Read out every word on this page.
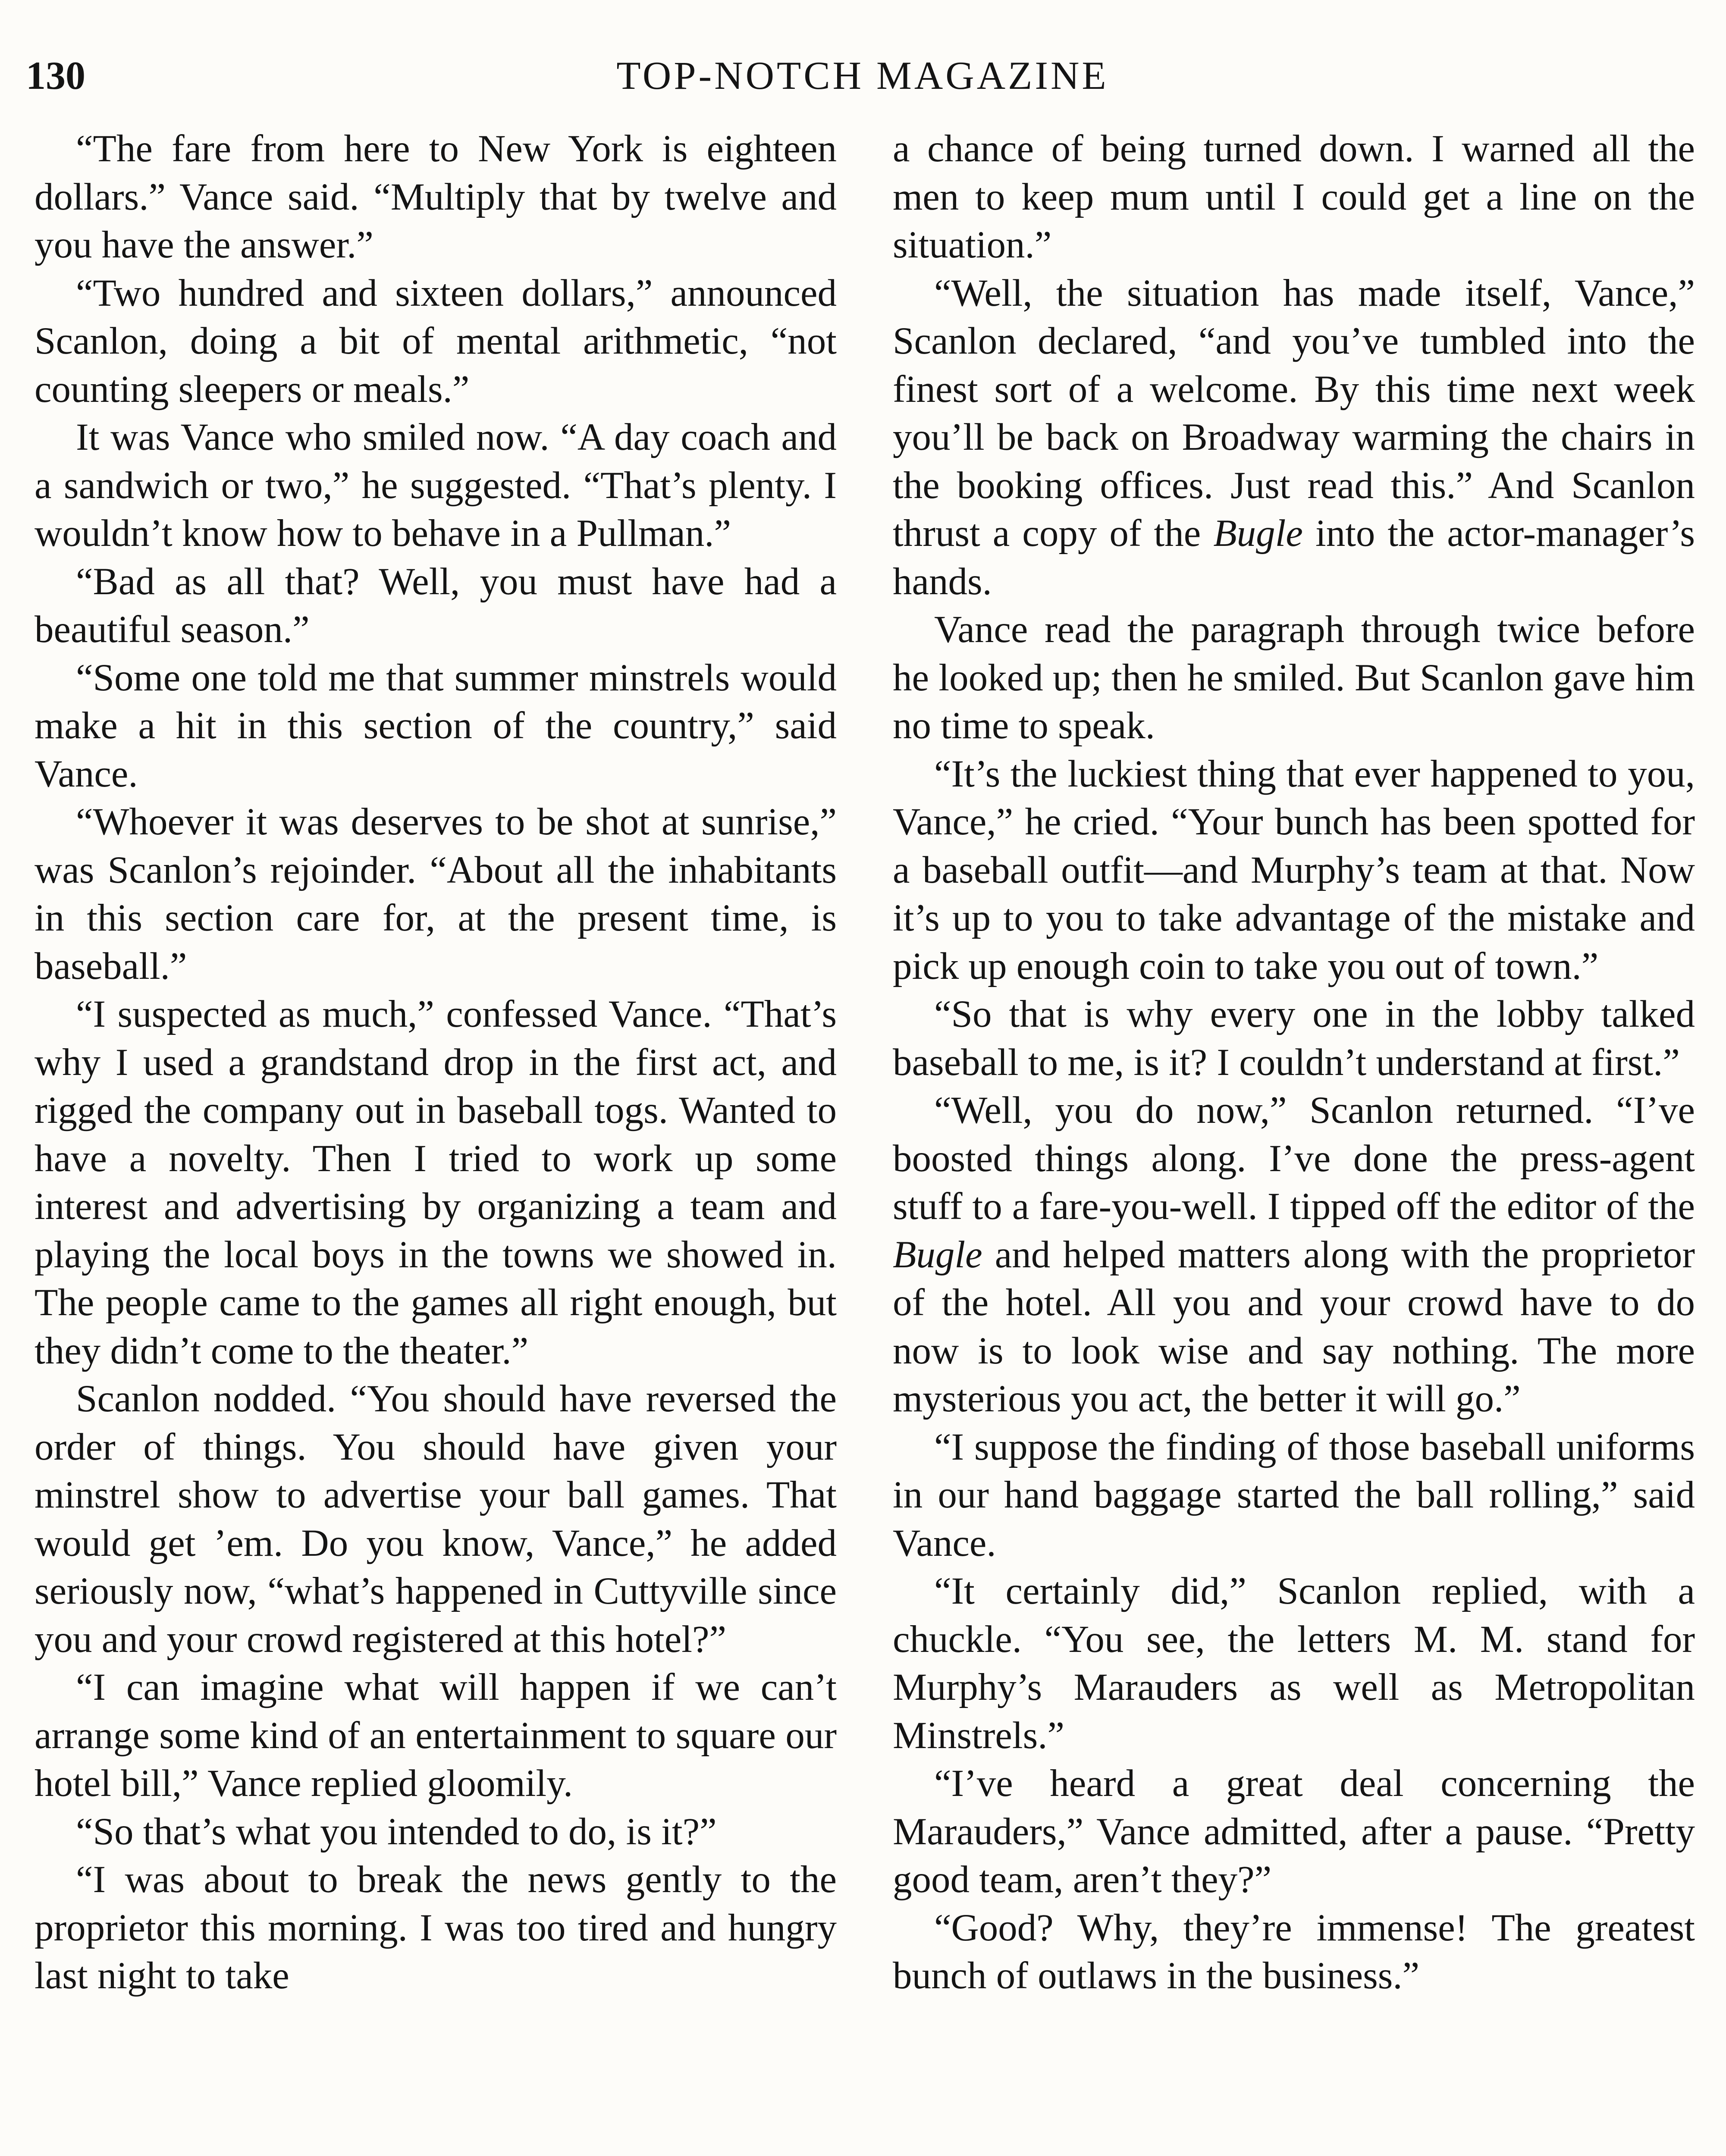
130	TOP-NOTCH MAGAZINE

“The fare from here to New York is eighteen dollars.” Vance said. “Multiply that by twelve and you have the answer.”

“Two hundred and sixteen dollars,” announced Scanlon, doing a bit of mental arithmetic, “not counting sleepers or meals.”

It was Vance who smiled now. “A day coach and a sandwich or two,” he suggested. “That’s plenty. I wouldn’t know how to behave in a Pullman.”

“Bad as all that? Well, you must have had a beautiful season.”

“Some one told me that summer minstrels would make a hit in this section of the country,” said Vance.

“Whoever it was deserves to be shot at sunrise,” was Scanlon’s rejoinder. “About all the inhabitants in this section care for, at the present time, is baseball.”

“I suspected as much,” confessed Vance. “That’s why I used a grandstand drop in the first act, and rigged the company out in baseball togs. Wanted to have a novelty. Then I tried to work up some interest and advertising by organizing a team and playing the local boys in the towns we showed in. The people came to the games all right enough, but they didn’t come to the theater.”

Scanlon nodded. “You should have reversed the order of things. You should have given your minstrel show to advertise your ball games. That would get ’em. Do you know, Vance,” he added seriously now, “what’s happened in Cuttyville since you and your crowd registered at this hotel?”

“I can imagine what will happen if we can’t arrange some kind of an entertainment to square our hotel bill,” Vance replied gloomily.

“So that’s what you intended to do, is it?”

“I was about to break the news gently to the proprietor this morning. I was too tired and hungry last night to take

a chance of being turned down. I warned all the men to keep mum until I could get a line on the situation.”

“Well, the situation has made itself, Vance,” Scanlon declared, “and you’ve tumbled into the finest sort of a welcome. By this time next week you’ll be back on Broadway warming the chairs in the booking offices. Just read this.” And Scanlon thrust a copy of the Bugle into the actor-manager’s hands.

Vance read the paragraph through twice before he looked up; then he smiled. But Scanlon gave him no time to speak.

“It’s the luckiest thing that ever happened to you, Vance,” he cried. “Your bunch has been spotted for a baseball outfit—and Murphy’s team at that. Now it’s up to you to take advantage of the mistake and pick up enough coin to take you out of town.”

“So that is why every one in the lobby talked baseball to me, is it? I couldn’t understand at first.”

“Well, you do now,” Scanlon returned. “I’ve boosted things along. I’ve done the press-agent stuff to a fare-you-well. I tipped off the editor of the Bugle and helped matters along with the proprietor of the hotel. All you and your crowd have to do now is to look wise and say nothing. The more mysterious you act, the better it will go.”

“I suppose the finding of those baseball uniforms in our hand baggage started the ball rolling,” said Vance.

“It certainly did,” Scanlon replied, with a chuckle. “You see, the letters M. M. stand for Murphy’s Marauders as well as Metropolitan Minstrels.”

“I’ve heard a great deal concerning the Marauders,” Vance admitted, after a pause. “Pretty good team, aren’t they?”

“Good? Why, they’re immense! The greatest bunch of outlaws in the business.”
